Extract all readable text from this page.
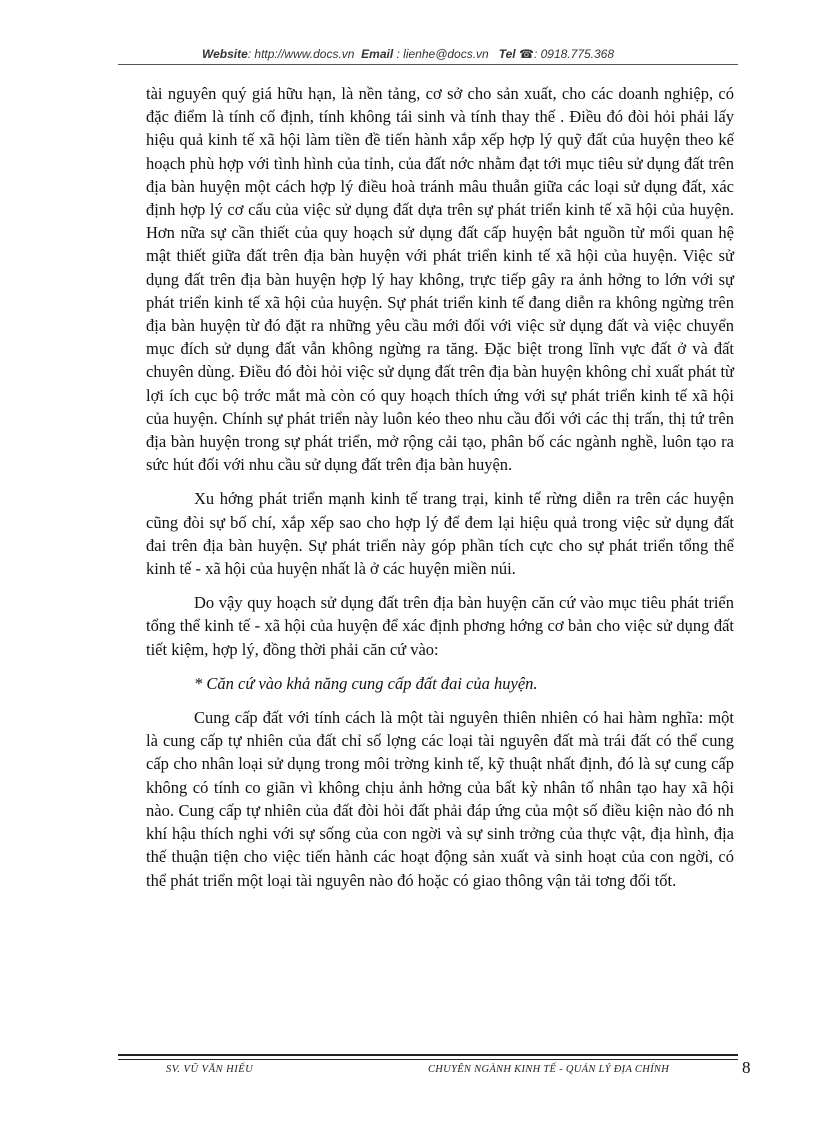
Website: http://www.docs.vn Email : lienhe@docs.vn Tel ☎: 0918.775.368

tài nguyên quý giá hữu hạn, là nền tảng, cơ sở cho sản xuất, cho các doanh nghiệp, có đặc điểm là tính cố định, tính không tái sinh và tính thay thế . Điều đó đòi hỏi phải lấy hiệu quả kinh tế xã hội làm tiền đề tiến hành xắp xếp hợp lý quỹ đất của huyện theo kế hoạch phù hợp với tình hình của tỉnh, của đất nớc nhằm đạt tới mục tiêu sử dụng đất trên địa bàn huyện một cách hợp lý điều hoà tránh mâu thuẫn giữa các loại sử dụng đất, xác định hợp lý cơ cấu của việc sử dụng đất dựa trên sự phát triển kinh tế xã hội của huyện. Hơn nữa sự cần thiết của quy hoạch sử dụng đất cấp huyện bắt nguồn từ mối quan hệ mật thiết giữa đất trên địa bàn huyện với phát triển kinh tế xã hội của huyện. Việc sử dụng đất trên địa bàn huyện hợp lý hay không, trực tiếp gây ra ảnh hởng to lớn với sự phát triển kinh tế xã hội của huyện. Sự phát triển kinh tế đang diễn ra không ngừng trên địa bàn huyện từ đó đặt ra những yêu cầu mới đối với việc sử dụng đất và việc chuyển mục đích sử dụng đất vẫn không ngừng ra tăng. Đặc biệt trong lĩnh vực đất ở và đất chuyên dùng. Điều đó đòi hỏi việc sử dụng đất trên địa bàn huyện không chỉ xuất phát từ lợi ích cục bộ trớc mắt mà còn có quy hoạch thích ứng với sự phát triển kinh tế xã hội của huyện. Chính sự phát triển này luôn kéo theo nhu cầu đối với các thị trấn, thị tứ trên địa bàn huyện trong sự phát triển, mở rộng cải tạo, phân bố các ngành nghề, luôn tạo ra sức hút đối với nhu cầu sử dụng đất trên địa bàn huyện.

Xu hớng phát triển mạnh kinh tế trang trại, kinh tế rừng diễn ra trên các huyện cũng đòi sự bố chí, xắp xếp sao cho hợp lý để đem lại hiệu quả trong việc sử dụng đất đai trên địa bàn huyện. Sự phát triển này góp phần tích cực cho sự phát triển tổng thể kinh tế - xã hội của huyện nhất là ở các huyện miền núi.

Do vậy quy hoạch sử dụng đất trên địa bàn huyện căn cứ vào mục tiêu phát triển tổng thể kinh tế - xã hội của huyện để xác định phơng hớng cơ bản cho việc sử dụng đất tiết kiệm, hợp lý, đồng thời phải căn cứ vào:

* Căn cứ vào khả năng cung cấp đất đai của huyện.

Cung cấp đất với tính cách là một tài nguyên thiên nhiên có hai hàm nghĩa: một là cung cấp tự nhiên của đất chỉ số lợng các loại tài nguyên đất mà trái đất có thể cung cấp cho nhân loại sử dụng trong môi trờng kinh tế, kỹ thuật nhất định, đó là sự cung cấp không có tính co giãn vì không chịu ảnh hởng của bất kỳ nhân tố nhân tạo hay xã hội nào. Cung cấp tự nhiên của đất đòi hỏi đất phải đáp ứng của một số điều kiện nào đó nh khí hậu thích nghi với sự sống của con ngời và sự sinh trởng của thực vật, địa hình, địa thế thuận tiện cho việc tiến hành các hoạt động sản xuất và sinh hoạt của con ngời, có thể phát triển một loại tài nguyên nào đó hoặc có giao thông vận tải tơng đối tốt.

SV. VŨ VĂN HIẾU	CHUYÊN NGÀNH KINH TẾ - QUẢN LÝ ĐỊA CHÍNH	8
